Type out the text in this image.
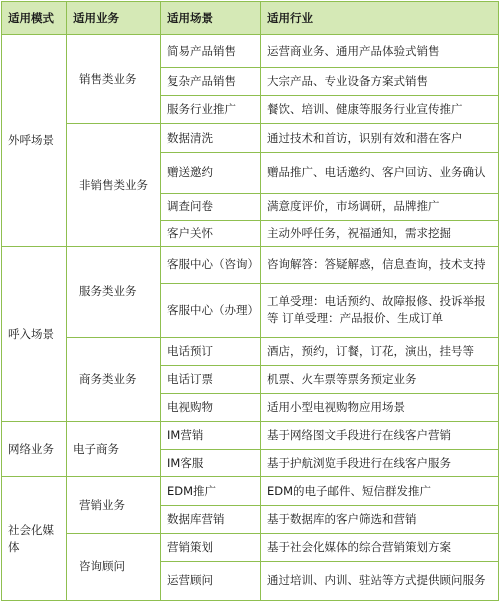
适用模式	适用业务	适用场景	适用行业
外呼场景	销售类业务	简易产品销售	运营商业务、通用产品体验式销售
		复杂产品销售	大宗产品、专业设备方案式销售
		服务行业推广	餐饮、培训、健康等服务行业宣传推广
	非销售类业务	数据清洗	通过技术和首访，识别有效和潜在客户
		赠送邀约	赠品推广、电话邀约、客户回访、业务确认
		调查问卷	满意度评价，市场调研，品牌推广
		客户关怀	主动外呼任务，祝福通知，需求挖掘
呼入场景	服务类业务	客服中心（咨询）	咨询解答：答疑解惑，信息查询，技术支持
		客服中心（办理）	工单受理：电话预约、故障报修、投诉举报等 订单受理：产品报价、生成订单
	商务类业务	电话预订	酒店，预约，订餐，订花，演出，挂号等
		电话订票	机票、火车票等票务预定业务
		电视购物	适用小型电视购物应用场景
网络业务	电子商务	IM营销	基于网络图文手段进行在线客户营销
		IM客服	基于护航浏览手段进行在线客户服务
社会化媒体	营销业务	EDM推广	EDM的电子邮件、短信群发推广
		数据库营销	基于数据库的客户筛选和营销
	咨询顾问	营销策划	基于社会化媒体的综合营销策划方案
		运营顾问	通过培训、内训、驻站等方式提供顾问服务
